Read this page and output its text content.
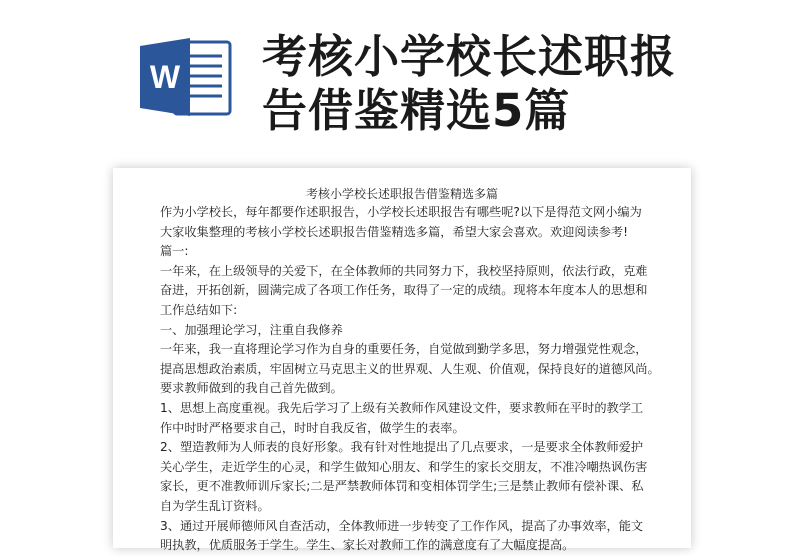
W 考核小学校长述职报
告借鉴精选5篇
考核小学校长述职报告借鉴精选多篇

作为小学校长，每年都要作述职报告，小学校长述职报告有哪些呢?以下是得范文网小编为

大家收集整理的考核小学校长述职报告借鉴精选多篇，希望大家会喜欢。欢迎阅读参考!

篇一:

一年来，在上级领导的关爱下，在全体教师的共同努力下，我校坚持原则，依法行政，克难

奋进，开拓创新，圆满完成了各项工作任务，取得了一定的成绩。现将本年度本人的思想和

工作总结如下:

一、加强理论学习，注重自我修养

一年来，我一直将理论学习作为自身的重要任务，自觉做到勤学多思，努力增强党性观念，

提高思想政治素质，牢固树立马克思主义的世界观、人生观、价值观，保持良好的道德风尚。

要求教师做到的我自己首先做到。

1、思想上高度重视。我先后学习了上级有关教师作风建设文件，要求教师在平时的教学工

作中时时严格要求自己，时时自我反省，做学生的表率。

2、塑造教师为人师表的良好形象。我有针对性地提出了几点要求，一是要求全体教师爱护

关心学生，走近学生的心灵，和学生做知心朋友、和学生的家长交朋友，不准冷嘲热讽伤害

家长，更不准教师训斥家长;二是严禁教师体罚和变相体罚学生;三是禁止教师有偿补课、私

自为学生乱订资料。

3、通过开展师德师风自查活动，全体教师进一步转变了工作作风，提高了办事效率，能文

明执教，优质服务于学生。学生、家长对教师工作的满意度有了大幅度提高。
